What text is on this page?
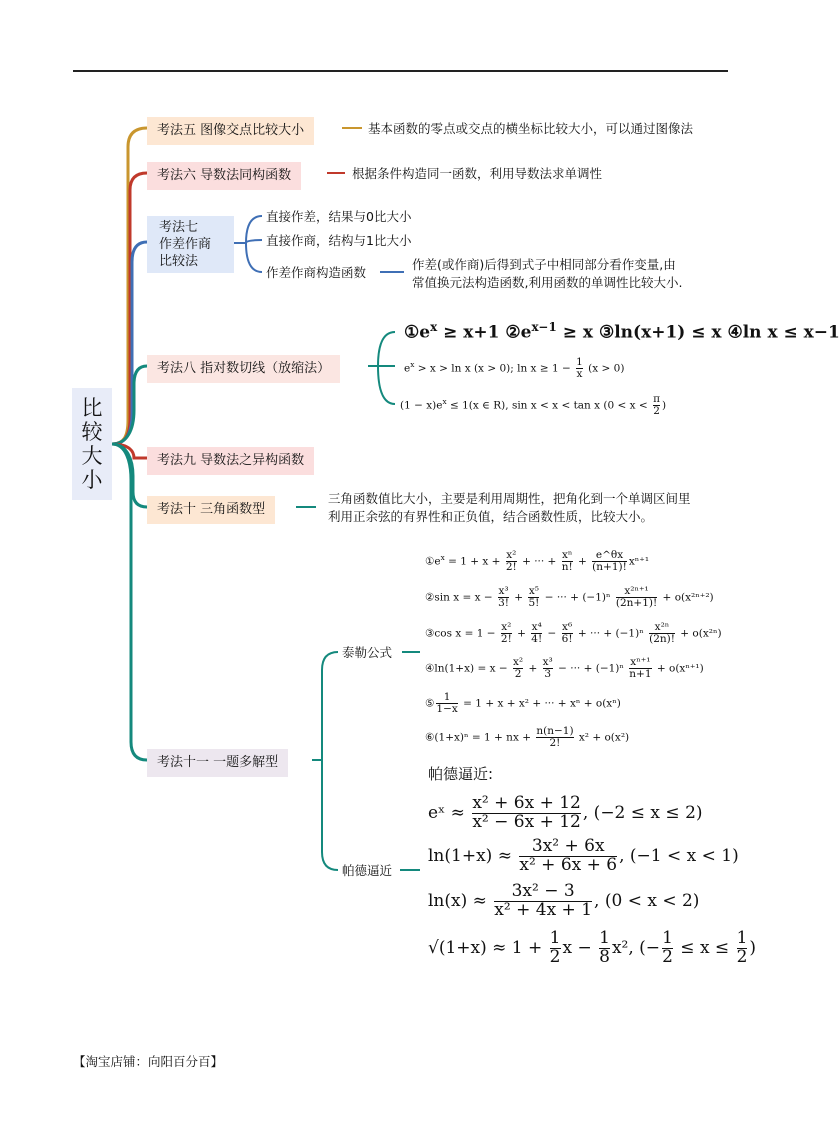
比
较
大
小
考法五 图像交点比较大小	基本函数的零点或交点的横坐标比较大小，可以通过图像法
考法六 导数法同构函数	根据条件构造同一函数，利用导数法求单调性
考法七
作差作商
比较法
直接作差，结果与0比大小
直接作商，结构与1比大小
作差作商构造函数
作差(或作商)后得到式子中相同部分看作变量,由
常值换元法构造函数,利用函数的单调性比较大小.
考法八 指对数切线（放缩法）
$①e^x \ge x+1$ $②e^{x-1} \ge x$ ③ln(x+1) ≤ x ④ln x ≤ x−1
$e^x > x > \ln x$ (x > 0); $\ln x \ge 1 - \frac{1}{x} (x > 0)$
$(1 - x)e^x \le 1(x$ ∈ R), sin x < x < tan x ($0 < x < \frac{\pi}{2}$ )
考法九 导数法之异构函数
考法十 三角函数型
三角函数值比大小，主要是利用周期性，把角化到一个单调区间里
利用正余弦的有界性和正负值，结合函数性质，比较大小。
考法十一 一题多解型
泰勒公式
帕德逼近
$①e^x = 1 + x + \frac{\text{x²}}{2!}$ + ··· + $\frac{\text{xⁿ}}{n!} + \frac{e\^{}\theta x}{(n+1)!} x^{n+1}$
②sin $x = x - \frac{\text{x³}}{3!} + \frac{\text{x⁵}}{5!}$ − ··· + $(-1)^n \frac{\text{x²ⁿ⁺¹}}{(2n+1)!} + o(x^{2n+2})$
③cos $x = 1 - \frac{\text{x²}}{2!} + \frac{\text{x⁴}}{4!} - \frac{\text{x⁶}}{6!}$ + ··· + $(-1)^n \frac{\text{x²ⁿ}}{(2n)!} + o(x^{2n})$
④ln(1+x) = $x - \frac{\text{x²}}{2} + \frac{\text{x³}}{3}$ − ··· + $(-1)^n \frac{\text{xⁿ⁺¹}}{n+1} + o(x^{n+1})$
⑤ $\frac{1}{1-x} = 1 + x + x^2$ + ··· + xⁿ + o(xⁿ)
⑥(1+x)ⁿ = 1 + nx + $\frac{n(n-1)}{2!} x^2 + o(x^2)$
帕德逼近:
eˣ ≈ $\frac{\text{x² + 6x + 12}}{\text{x² − 6x + 12}}$ , (−2 ≤ x ≤ 2)
$\ln(1+x) \approx \frac{\text{3x² + 6x}}{\text{x² + 6x + 6}}$ , (−1 < x < 1)
$\ln(x) \approx \frac{\text{3x² − 3}}{\text{x² + 4x + 1}}$ , (0 < x < 2)
$√(1+x) \approx 1 + \frac{1}{2}$ $x - \frac{1}{8} x^2$, (− $\frac{1}{2} \le x \le \frac{1}{2}$ )
【淘宝店铺：向阳百分百】
